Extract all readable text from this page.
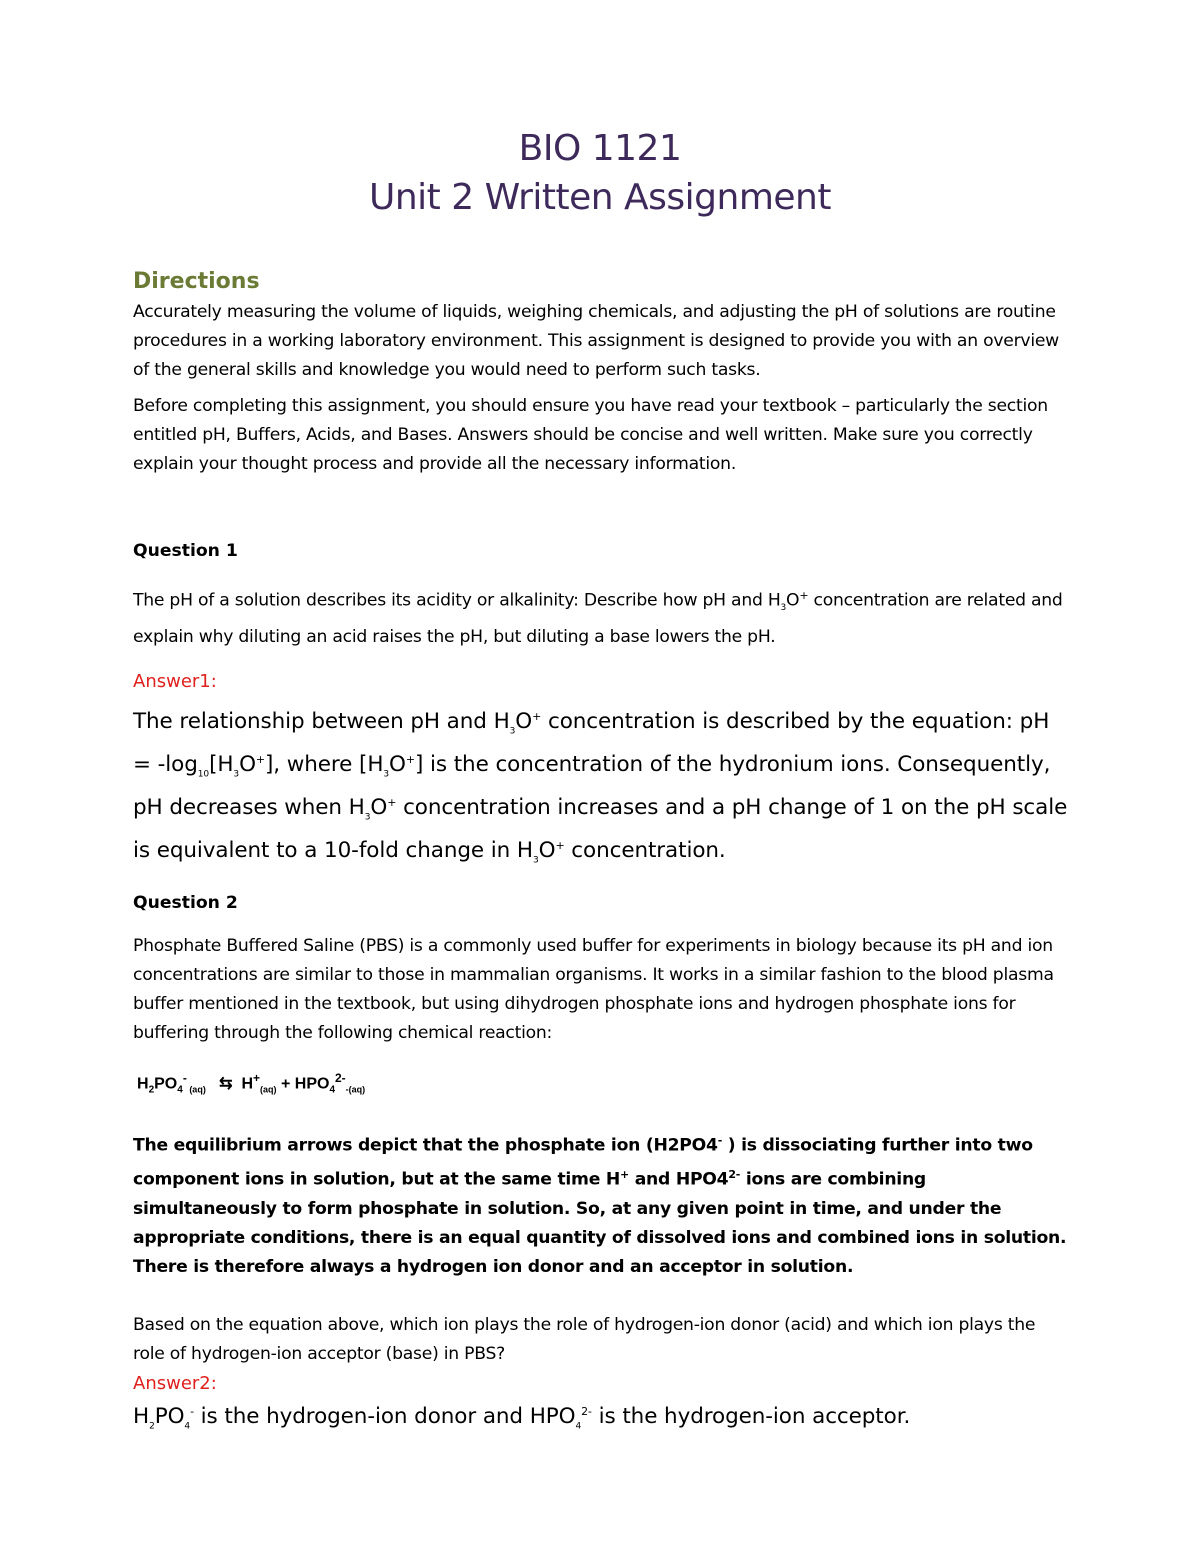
BIO 1121
Unit 2 Written Assignment
Directions

Accurately measuring the volume of liquids, weighing chemicals, and adjusting the pH of solutions are routine procedures in a working laboratory environment. This assignment is designed to provide you with an overview of the general skills and knowledge you would need to perform such tasks.

Before completing this assignment, you should ensure you have read your textbook – particularly the section entitled pH, Buffers, Acids, and Bases. Answers should be concise and well written. Make sure you correctly explain your thought process and provide all the necessary information.

Question 1

The pH of a solution describes its acidity or alkalinity: Describe how pH and $H_3O^+$ concentration are related and explain why diluting an acid raises the pH, but diluting a base lowers the pH.

Answer1:

The relationship between pH and $H_3O^+$ concentration is described by the equation: pH = $-\log_{10}[H_3O^+]$, where $[H_3O^+]$ is the concentration of the hydronium ions. Consequently, pH decreases when $H_3O^+$ concentration increases and a pH change of 1 on the pH scale is equivalent to a 10-fold change in $H_3O^+$ concentration.

Question 2

Phosphate Buffered Saline (PBS) is a commonly used buffer for experiments in biology because its pH and ion concentrations are similar to those in mammalian organisms. It works in a similar fashion to the blood plasma buffer mentioned in the textbook, but using dihydrogen phosphate ions and hydrogen phosphate ions for buffering through the following chemical reaction:

$H_2PO_4^-$ $_{(aq)}$ ⇆ $H^+_{(aq)} + HPO_4^{2-}_{-(aq)}$

The equilibrium arrows depict that the phosphate ion (H2PO4- ) is dissociating further into two component ions in solution, but at the same time H+ and $HPO4^{2-}$ ions are combining simultaneously to form phosphate in solution. So, at any given point in time, and under the appropriate conditions, there is an equal quantity of dissolved ions and combined ions in solution. There is therefore always a hydrogen ion donor and an acceptor in solution.

Based on the equation above, which ion plays the role of hydrogen-ion donor (acid) and which ion plays the role of hydrogen-ion acceptor (base) in PBS?

Answer2:

$H_2PO_4^-$ is the hydrogen-ion donor and $HPO_4^{2-}$ is the hydrogen-ion acceptor.
